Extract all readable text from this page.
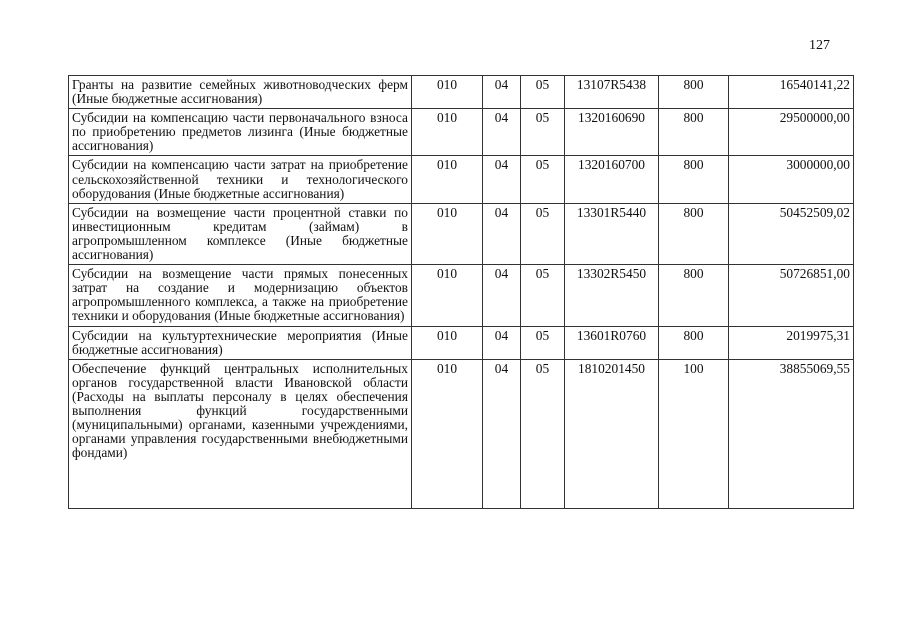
127
Гранты на развитие семейных животноводческих ферм (Иные бюджетные ассигнования)	010	04	05	13107R5438	800	16540141,22
Субсидии на компенсацию части первоначального взноса по приобретению предметов лизинга (Иные бюджетные ассигнования)	010	04	05	1320160690	800	29500000,00
Субсидии на компенсацию части затрат на приобретение сельскохозяйственной техники и технологического оборудования (Иные бюджетные ассигнования)	010	04	05	1320160700	800	3000000,00
Субсидии на возмещение части процентной ставки по инвестиционным кредитам (займам) в агропромышленном комплексе (Иные бюджетные ассигнования)	010	04	05	13301R5440	800	50452509,02
Субсидии на возмещение части прямых понесенных затрат на создание и модернизацию объектов агропромышленного комплекса, а также на приобретение техники и оборудования (Иные бюджетные ассигнования)	010	04	05	13302R5450	800	50726851,00
Субсидии на культуртехнические мероприятия (Иные бюджетные ассигнования)	010	04	05	13601R0760	800	2019975,31
Обеспечение функций центральных исполнительных органов государственной власти Ивановской области (Расходы на выплаты персоналу в целях обеспечения выполнения функций государственными (муниципальными) органами, казенными учреждениями, органами управления государственными внебюджетными фондами)	010	04	05	1810201450	100	38855069,55
